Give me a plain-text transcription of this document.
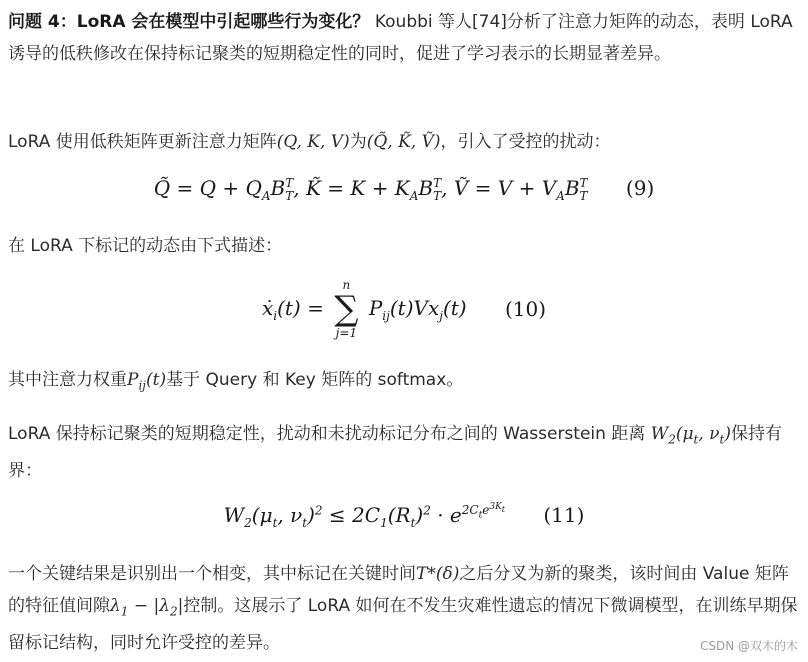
问题 4：LoRA 会在模型中引起哪些行为变化？ Koubbi 等人[74]分析了注意力矩阵的动态，表明 LoRA 诱导的低秩修改在保持标记聚类的短期稳定性的同时，促进了学习表示的长期显著差异。

LoRA 使用低秩矩阵更新注意力矩阵(Q, K, V)为(Q̃, K̃, Ṽ)，引入了受控的扰动：

Q̃ = $Q + Q_AB_T^T$, K̃ = $K + K_AB_T^T$, Ṽ = $V + V_AB_T^T$ (9)

在 LoRA 下标记的动态由下式描述：

ẋ$_i$(t) =
n
∑
j=1
$P_{ij}(t)Vx_j(t)$ (10)

其中注意力权重$P_{ij}(t)$基于 Query 和 Key 矩阵的 softmax。

LoRA 保持标记聚类的短期稳定性，扰动和未扰动标记分布之间的 Wasserstein 距离 $W_2(\mu_t$, $\nu_t$)保持有界：

$W_2(\mu_t$, $\nu_t)^2 \le 2C_1(R_t)^2 \cdot e^{2C_te^{3K_t}}$ (11)

一个关键结果是识别出一个相变，其中标记在关键时间T*(δ)之后分叉为新的聚类，该时间由 Value 矩阵的特征值间隙$\lambda_1 - |\lambda_2|$控制。这展示了 LoRA 如何在不发生灾难性遗忘的情况下微调模型，在训练早期保留标记结构，同时允许受控的差异。	CSDN @双木的木
